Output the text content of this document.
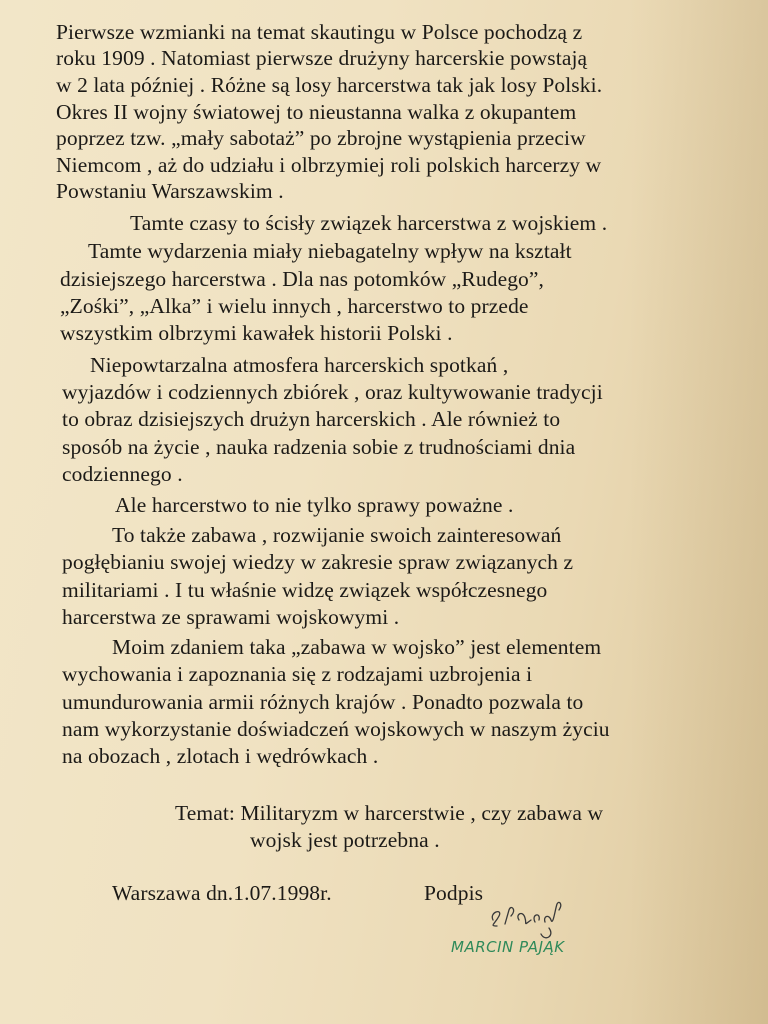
Pierwsze wzmianki na temat skautingu w Polsce pochodzą z
roku 1909 . Natomiast pierwsze drużyny harcerskie powstają
w 2 lata później . Różne są losy harcerstwa tak jak losy Polski.
Okres II wojny światowej to nieustanna walka z okupantem
poprzez tzw. „mały sabotaż” po zbrojne wystąpienia przeciw
Niemcom , aż do udziału i olbrzymiej roli polskich harcerzy w
Powstaniu Warszawskim .
Tamte czasy to ścisły związek harcerstwa z wojskiem .
Tamte wydarzenia miały niebagatelny wpływ na kształt
dzisiejszego harcerstwa . Dla nas potomków „Rudego”,
„Zośki”, „Alka” i wielu innych , harcerstwo to przede
wszystkim olbrzymi kawałek historii Polski .
Niepowtarzalna atmosfera harcerskich spotkań ,
wyjazdów i codziennych zbiórek , oraz kultywowanie tradycji
to obraz dzisiejszych drużyn harcerskich . Ale również to
sposób na życie , nauka radzenia sobie z trudnościami dnia
codziennego .
Ale harcerstwo to nie tylko sprawy poważne .
To także zabawa , rozwijanie swoich zainteresowań
pogłębianiu swojej wiedzy w zakresie spraw związanych z
militariami . I tu właśnie widzę związek współczesnego
harcerstwa ze sprawami wojskowymi .
Moim zdaniem taka „zabawa w wojsko” jest elementem
wychowania i zapoznania się z rodzajami uzbrojenia i
umundurowania armii różnych krajów . Ponadto pozwala to
nam wykorzystanie doświadczeń wojskowych w naszym życiu
na obozach , zlotach i wędrówkach .
Temat: Militaryzm w harcerstwie , czy zabawa w
wojsk jest potrzebna .
Warszawa dn.1.07.1998r.	Podpis
MARCIN PAJĄK
